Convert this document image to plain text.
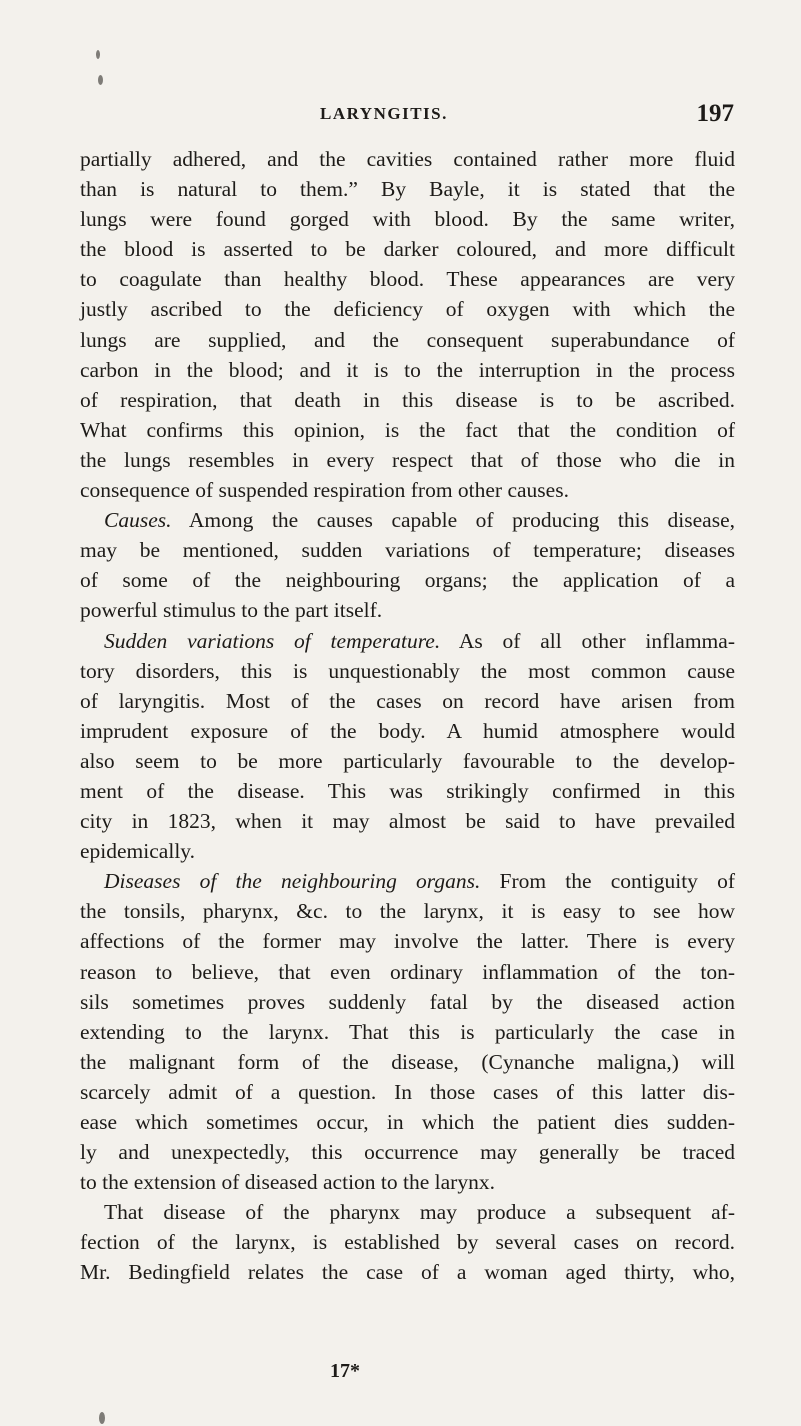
LARYNGITIS.	197
partially adhered, and the cavities contained rather more fluid
than is natural to them.” By Bayle, it is stated that the
lungs were found gorged with blood. By the same writer,
the blood is asserted to be darker coloured, and more difficult
to coagulate than healthy blood. These appearances are very
justly ascribed to the deficiency of oxygen with which the
lungs are supplied, and the consequent superabundance of
carbon in the blood; and it is to the interruption in the process
of respiration, that death in this disease is to be ascribed.
What confirms this opinion, is the fact that the condition of
the lungs resembles in every respect that of those who die in
consequence of suspended respiration from other causes.
Causes. Among the causes capable of producing this disease,
may be mentioned, sudden variations of temperature; diseases
of some of the neighbouring organs; the application of a
powerful stimulus to the part itself.
Sudden variations of temperature. As of all other inflamma-
tory disorders, this is unquestionably the most common cause
of laryngitis. Most of the cases on record have arisen from
imprudent exposure of the body. A humid atmosphere would
also seem to be more particularly favourable to the develop-
ment of the disease. This was strikingly confirmed in this
city in 1823, when it may almost be said to have prevailed
epidemically.
Diseases of the neighbouring organs. From the contiguity of
the tonsils, pharynx, &c. to the larynx, it is easy to see how
affections of the former may involve the latter. There is every
reason to believe, that even ordinary inflammation of the ton-
sils sometimes proves suddenly fatal by the diseased action
extending to the larynx. That this is particularly the case in
the malignant form of the disease, (Cynanche maligna,) will
scarcely admit of a question. In those cases of this latter dis-
ease which sometimes occur, in which the patient dies sudden-
ly and unexpectedly, this occurrence may generally be traced
to the extension of diseased action to the larynx.
That disease of the pharynx may produce a subsequent af-
fection of the larynx, is established by several cases on record.
Mr. Bedingfield relates the case of a woman aged thirty, who,
17*
